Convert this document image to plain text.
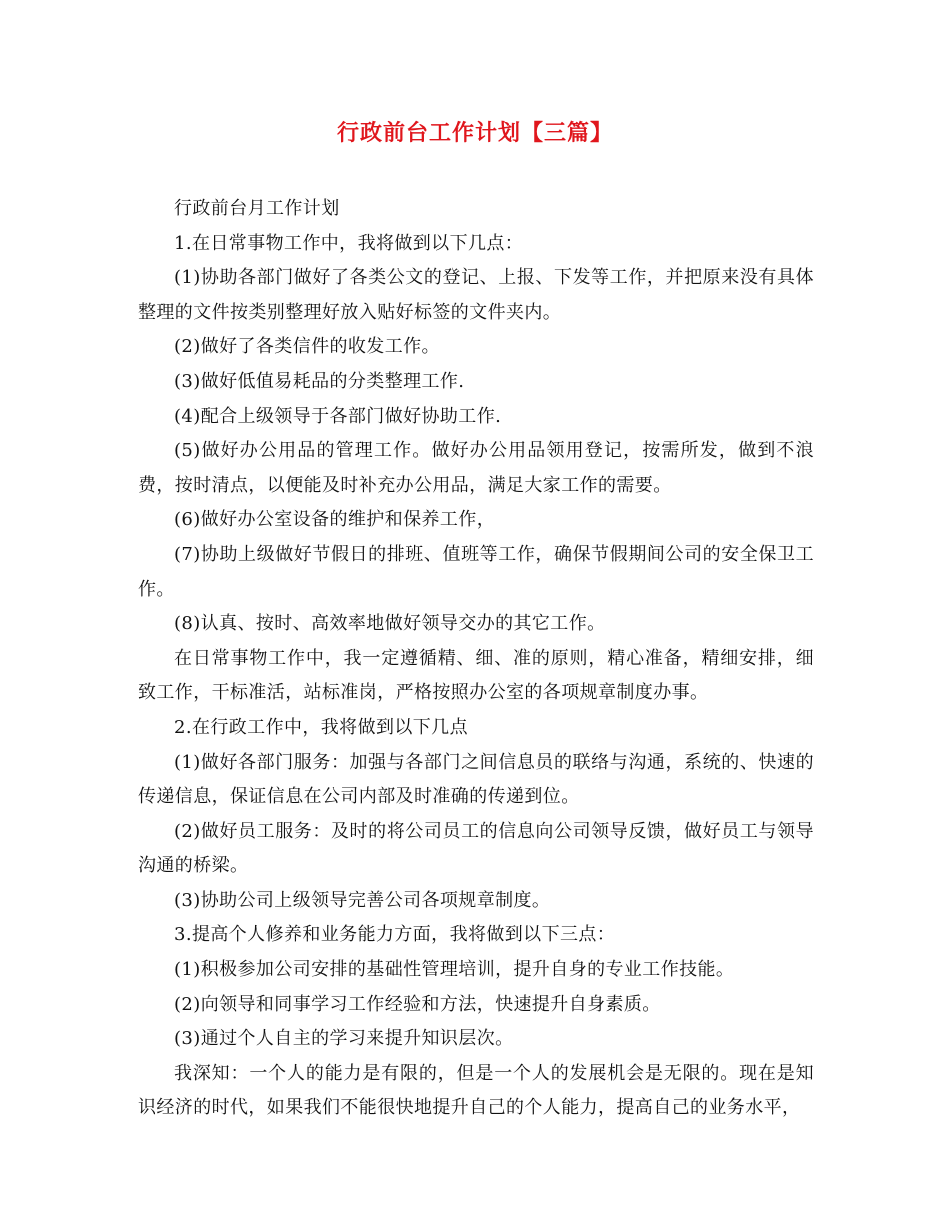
行政前台工作计划【三篇】

行政前台月工作计划

1.在日常事物工作中，我将做到以下几点：

(1)协助各部门做好了各类公文的登记、上报、下发等工作，并把原来没有具体整理的文件按类别整理好放入贴好标签的文件夹内。

(2)做好了各类信件的收发工作。

(3)做好低值易耗品的分类整理工作.

(4)配合上级领导于各部门做好协助工作.

(5)做好办公用品的管理工作。做好办公用品领用登记，按需所发，做到不浪费，按时清点，以便能及时补充办公用品，满足大家工作的需要。

(6)做好办公室设备的维护和保养工作，

(7)协助上级做好节假日的排班、值班等工作，确保节假期间公司的安全保卫工作。

(8)认真、按时、高效率地做好领导交办的其它工作。

在日常事物工作中，我一定遵循精、细、准的原则，精心准备，精细安排，细致工作，干标准活，站标准岗，严格按照办公室的各项规章制度办事。

2.在行政工作中，我将做到以下几点

(1)做好各部门服务：加强与各部门之间信息员的联络与沟通，系统的、快速的传递信息，保证信息在公司内部及时准确的传递到位。

(2)做好员工服务：及时的将公司员工的信息向公司领导反馈，做好员工与领导沟通的桥梁。

(3)协助公司上级领导完善公司各项规章制度。

3.提高个人修养和业务能力方面，我将做到以下三点：

(1)积极参加公司安排的基础性管理培训，提升自身的专业工作技能。

(2)向领导和同事学习工作经验和方法，快速提升自身素质。

(3)通过个人自主的学习来提升知识层次。

我深知：一个人的能力是有限的，但是一个人的发展机会是无限的。现在是知识经济的时代，如果我们不能很快地提升自己的个人能力，提高自己的业务水平，
